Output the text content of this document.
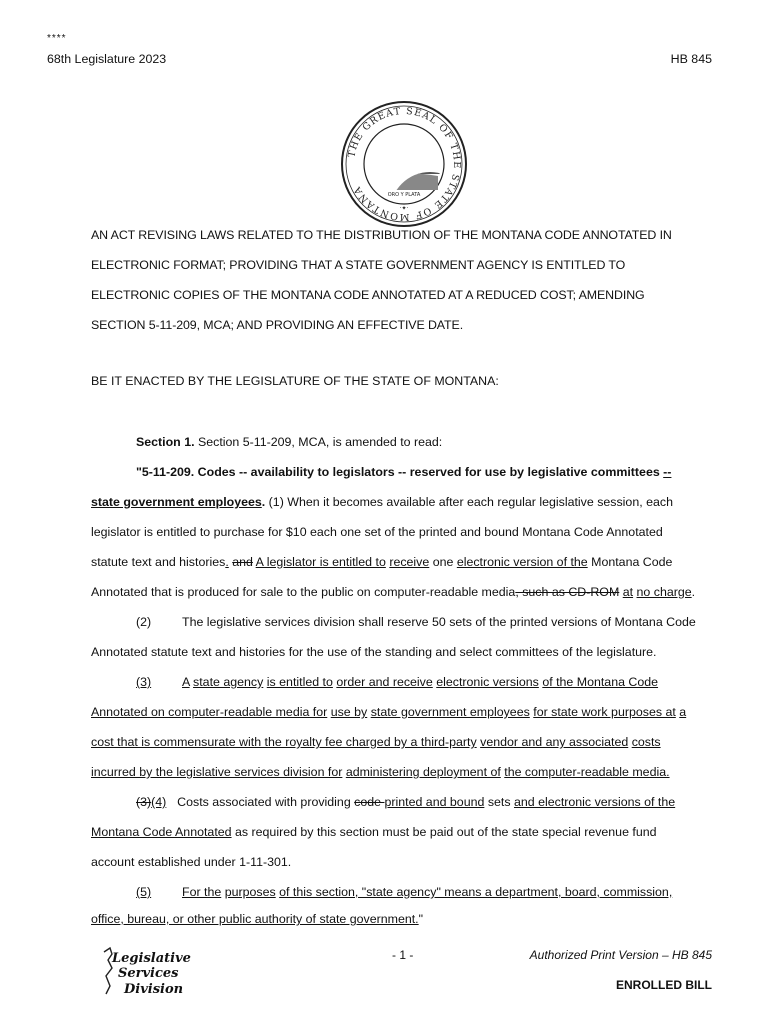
****
68th Legislature 2023	HB 845
THE GREAT SEAL OF THE STATE OF MONTANA	ORO Y PLATA
·✦·
AN ACT REVISING LAWS RELATED TO THE DISTRIBUTION OF THE MONTANA CODE ANNOTATED IN
ELECTRONIC FORMAT; PROVIDING THAT A STATE GOVERNMENT AGENCY IS ENTITLED TO
ELECTRONIC COPIES OF THE MONTANA CODE ANNOTATED AT A REDUCED COST; AMENDING
SECTION 5-11-209, MCA; AND PROVIDING AN EFFECTIVE DATE.
BE IT ENACTED BY THE LEGISLATURE OF THE STATE OF MONTANA:
Section 1. Section 5-11-209, MCA, is amended to read:
"5-11-209. Codes -- availability to legislators -- reserved for use by legislative committees --
state government employees. (1) When it becomes available after each regular legislative session, each
legislator is entitled to purchase for $10 each one set of the printed and bound Montana Code Annotated
statute text and histories. and A legislator is entitled to receive one electronic version of the Montana Code
Annotated that is produced for sale to the public on computer-readable media, such as CD-ROM at no charge.
(2) The legislative services division shall reserve 50 sets of the printed versions of Montana Code
Annotated statute text and histories for the use of the standing and select committees of the legislature.
(3) A state agency is entitled to order and receive electronic versions of the Montana Code
Annotated on computer-readable media for use by state government employees for state work purposes at a
cost that is commensurate with the royalty fee charged by a third-party vendor and any associated costs
incurred by the legislative services division for administering deployment of the computer-readable media.
(3)(4) Costs associated with providing code printed and bound sets and electronic versions of the
Montana Code Annotated as required by this section must be paid out of the state special revenue fund
account established under 1-11-301.
(5) For the purposes of this section, "state agency" means a department, board, commission,
office, bureau, or other public authority of state government."
Legislative
Services
Division
- 1 -	Authorized Print Version – HB 845
ENROLLED BILL
